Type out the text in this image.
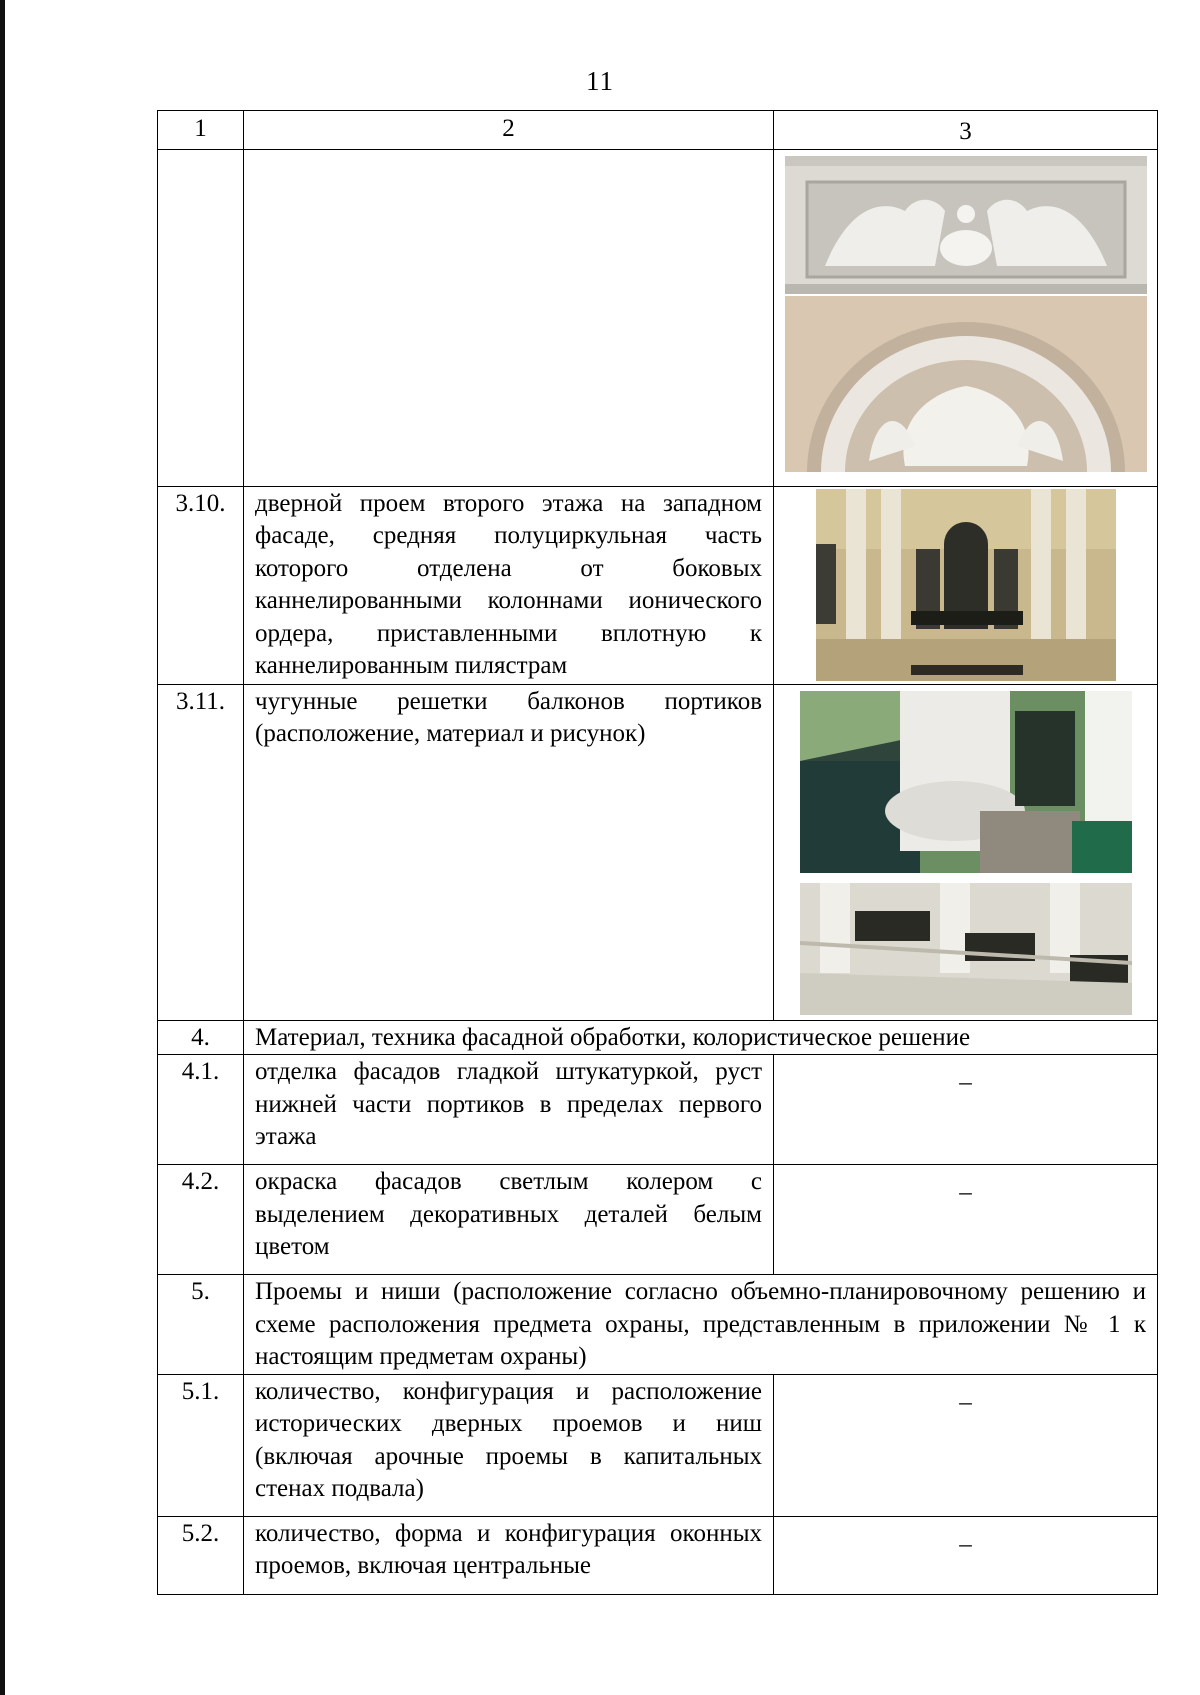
11
1	2	3

3.10.	дверной проем второго этажа на западном фасаде, средняя полуциркульная часть которого отделена от боковых каннелированными колоннами ионического ордера, приставленными вплотную к каннелированным пилястрам	

3.11.	чугунные решетки балконов портиков (расположение, материал и рисунок)	

4.	Материал, техника фасадной обработки, колористическое решение	
4.1.	отделка фасадов гладкой штукатуркой, руст нижней части портиков в пределах первого этажа	–

4.2.	окраска фасадов светлым колером с выделением декоративных деталей белым цветом	–

5.	Проемы и ниши (расположение согласно объемно-планировочному решению и схеме расположения предмета охраны, представленным в приложении № 1 к настоящим предметам охраны)	
5.1.	количество, конфигурация и расположение исторических дверных проемов и ниш (включая арочные проемы в капитальных стенах подвала)	–

5.2.	количество, форма и конфигурация оконных проемов, включая центральные	–
